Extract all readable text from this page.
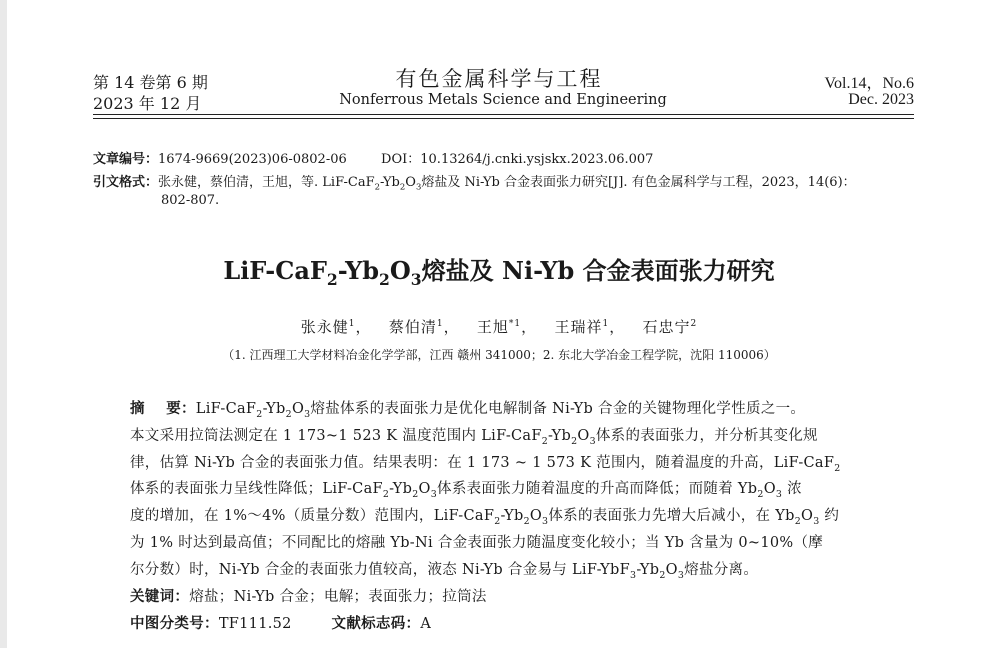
第 14 卷第 6 期
2023 年 12 月
有色金属科学与工程
Nonferrous Metals Science and Engineering
Vol.14，No.6
Dec. 2023
文章编号：1674-9669(2023)06-0802-06	DOI：10.13264/j.cnki.ysjskx.2023.06.007
引文格式：张永健，蔡伯清，王旭，等. LiF-$CaF_2-Yb_2O_3$熔盐及 Ni-Yb 合金表面张力研究[J]. 有色金属科学与工程，2023，14(6)：
802-807.
LiF-$CaF_2-Yb_2O_3$熔盐及 Ni-Yb 合金表面张力研究
张永健$^1$，   蔡伯清$^1$，   王旭$^{*1}$，   王瑞祥$^1$，   石忠宁$^2$
（1. 江西理工大学材料冶金化学学部，江西 赣州 341000；2. 东北大学冶金工程学院，沈阳 110006）
摘    要：LiF-$CaF_2-Yb_2O_3$熔盐体系的表面张力是优化电解制备 Ni-Yb 合金的关键物理化学性质之一。
本文采用拉筒法测定在 1 173~1 523 K 温度范围内 LiF-$CaF_2-Yb_2O_3$体系的表面张力，并分析其变化规
律，估算 Ni-Yb 合金的表面张力值。结果表明：在 1 173 ~ 1 573 K 范围内，随着温度的升高，LiF-CaF$_2$
体系的表面张力呈线性降低；LiF-$CaF_2-Yb_2O_3$体系表面张力随着温度的升高而降低；而随着 $Yb_2O_3$ 浓
度的增加，在 1%～4%（质量分数）范围内，LiF-$CaF_2-Yb_2O_3$体系的表面张力先增大后减小，在 $Yb_2O_3$ 约
为 1% 时达到最高值；不同配比的熔融 Yb-Ni 合金表面张力随温度变化较小；当 Yb 含量为 0~10%（摩
尔分数）时，Ni-Yb 合金的表面张力值较高，液态 Ni-Yb 合金易与 LiF-$YbF_3-Yb_2O_3$熔盐分离。
关键词：熔盐；Ni-Yb 合金；电解；表面张力；拉筒法
中图分类号：TF111.52	文献标志码：A
